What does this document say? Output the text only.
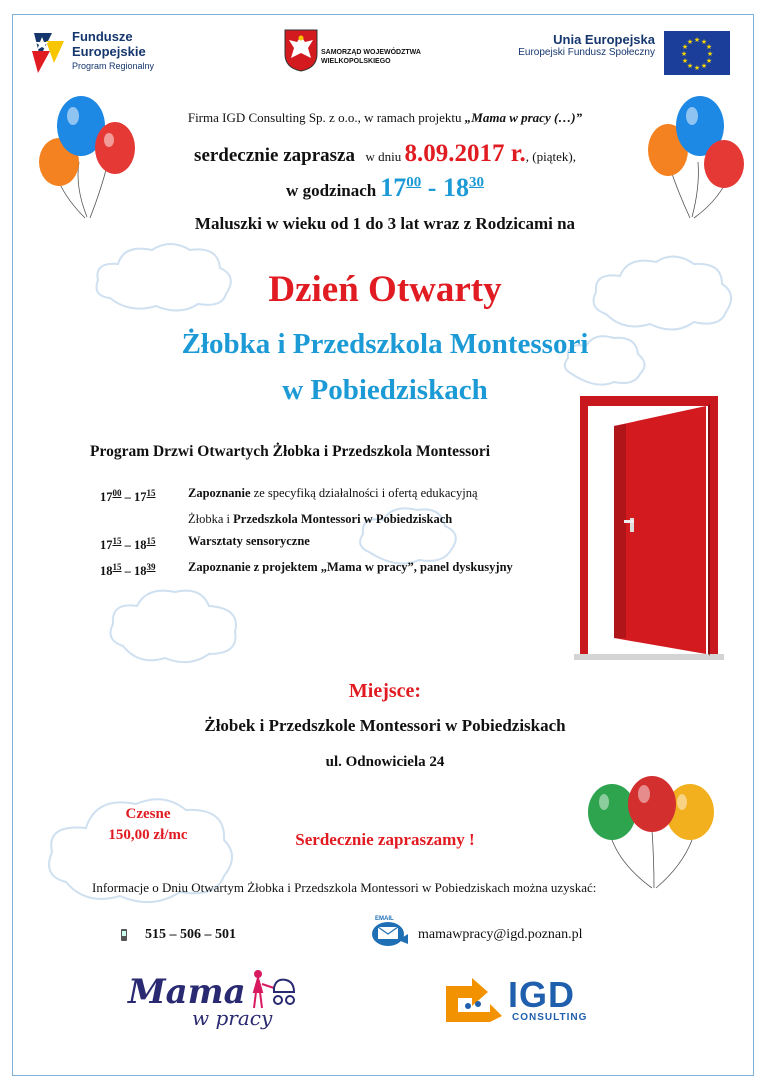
Fundusze
Europejskie
Program Regionalny
SAMORZĄD WOJEWÓDZTWA
WIELKOPOLSKIEGO
Unia Europejska
Europejski Fundusz Społeczny
★ ★
★
★
★
★
★
★
★
★
★
★
Firma IGD Consulting Sp. z o.o., w ramach projektu „Mama w pracy (…)”
serdecznie zaprasza w dniu 8.09.2017 r., (piątek),
w godzinach $17^{00} - 18^{30}$
Maluszki w wieku od 1 do 3 lat wraz z Rodzicami na
Dzień Otwarty
Żłobka i Przedszkola Montessori
w Pobiedziskach
Program Drzwi Otwartych Żłobka i Przedszkola Montessori
$17^{00} - 17^{15}$	Zapoznanie ze specyfiką działalności i ofertą edukacyjną
	Żłobka i Przedszkola Montessori w Pobiedziskach
$17^{15} - 18^{15}$	Warsztaty sensoryczne
$18^{15} - 18^{39}$	Zapoznanie z projektem „Mama w pracy”, panel dyskusyjny
Miejsce:
Żłobek i Przedszkole Montessori w Pobiedziskach
ul. Odnowiciela 24
Czesne
150,00 zł/mc	Serdecznie zapraszamy !
Informacje o Dniu Otwartym Żłobka i Przedszkola Montessori w Pobiedziskach można uzyskać:
515 – 506 – 501
EMAIL
mamawpracy@igd.poznan.pl
Mama
w pracy
IGD
CONSULTING
